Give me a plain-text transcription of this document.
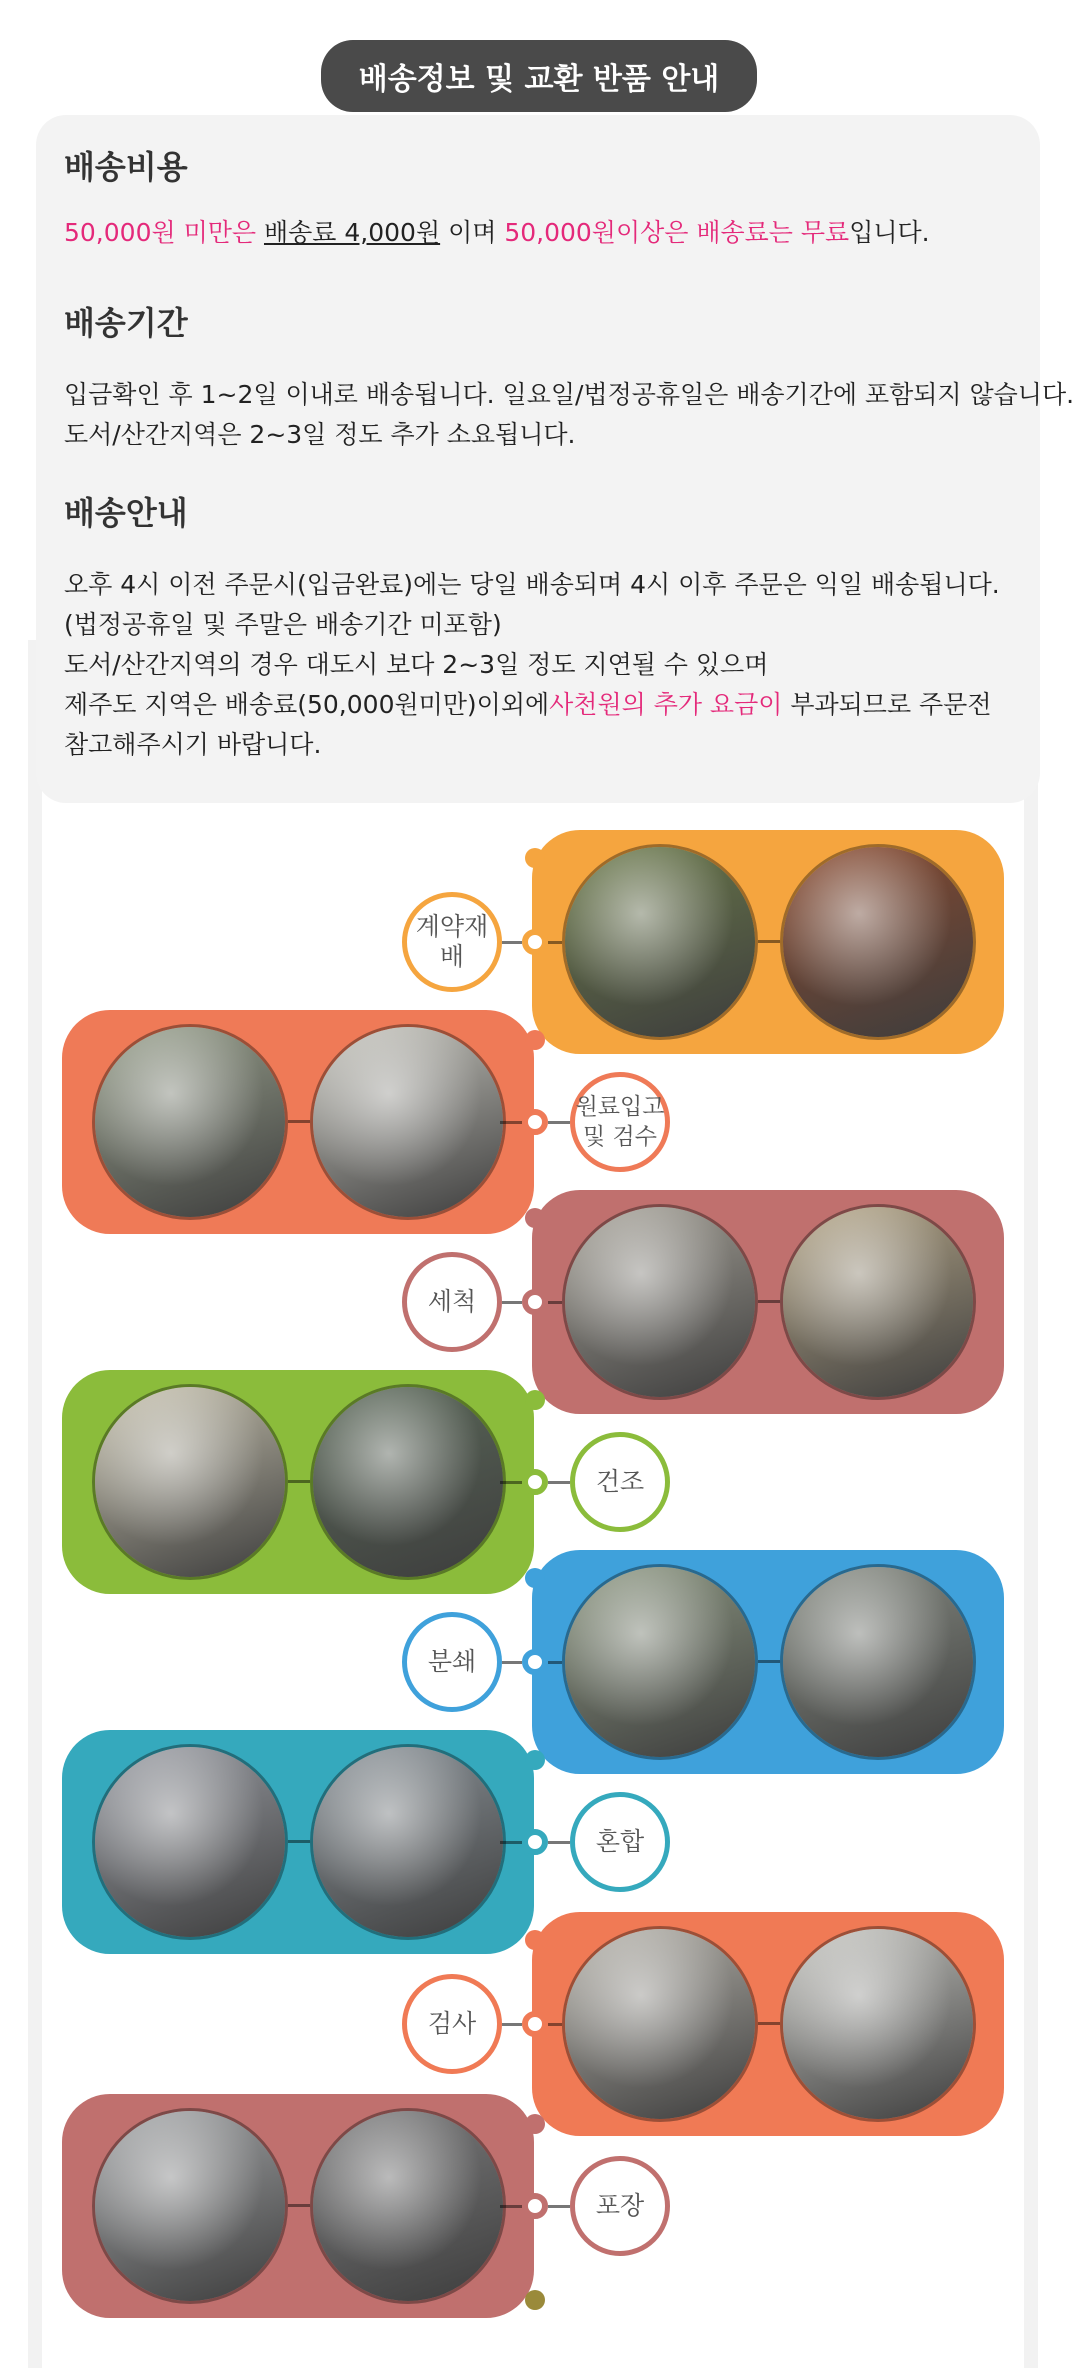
배송정보 및 교환 반품 안내

배송비용

50,000원 미만은 배송료 4,000원 이며 50,000원이상은 배송료는 무료입니다.

배송기간

입금확인 후 1~2일 이내로 배송됩니다. 일요일/법정공휴일은 배송기간에 포함되지 않습니다.

도서/산간지역은 2~3일 정도 추가 소요됩니다.

배송안내

오후 4시 이전 주문시(입금완료)에는 당일 배송되며 4시 이후 주문은 익일 배송됩니다.

(법정공휴일 및 주말은 배송기간 미포함)

도서/산간지역의 경우 대도시 보다 2~3일 정도 지연될 수 있으며

제주도 지역은 배송료(50,000원미만)이외에사천원의 추가 요금이 부과되므로 주문전

참고해주시기 바랍니다.

계약재배
원료입고
및 검수
세척
건조
분쇄
혼합
검사
포장
